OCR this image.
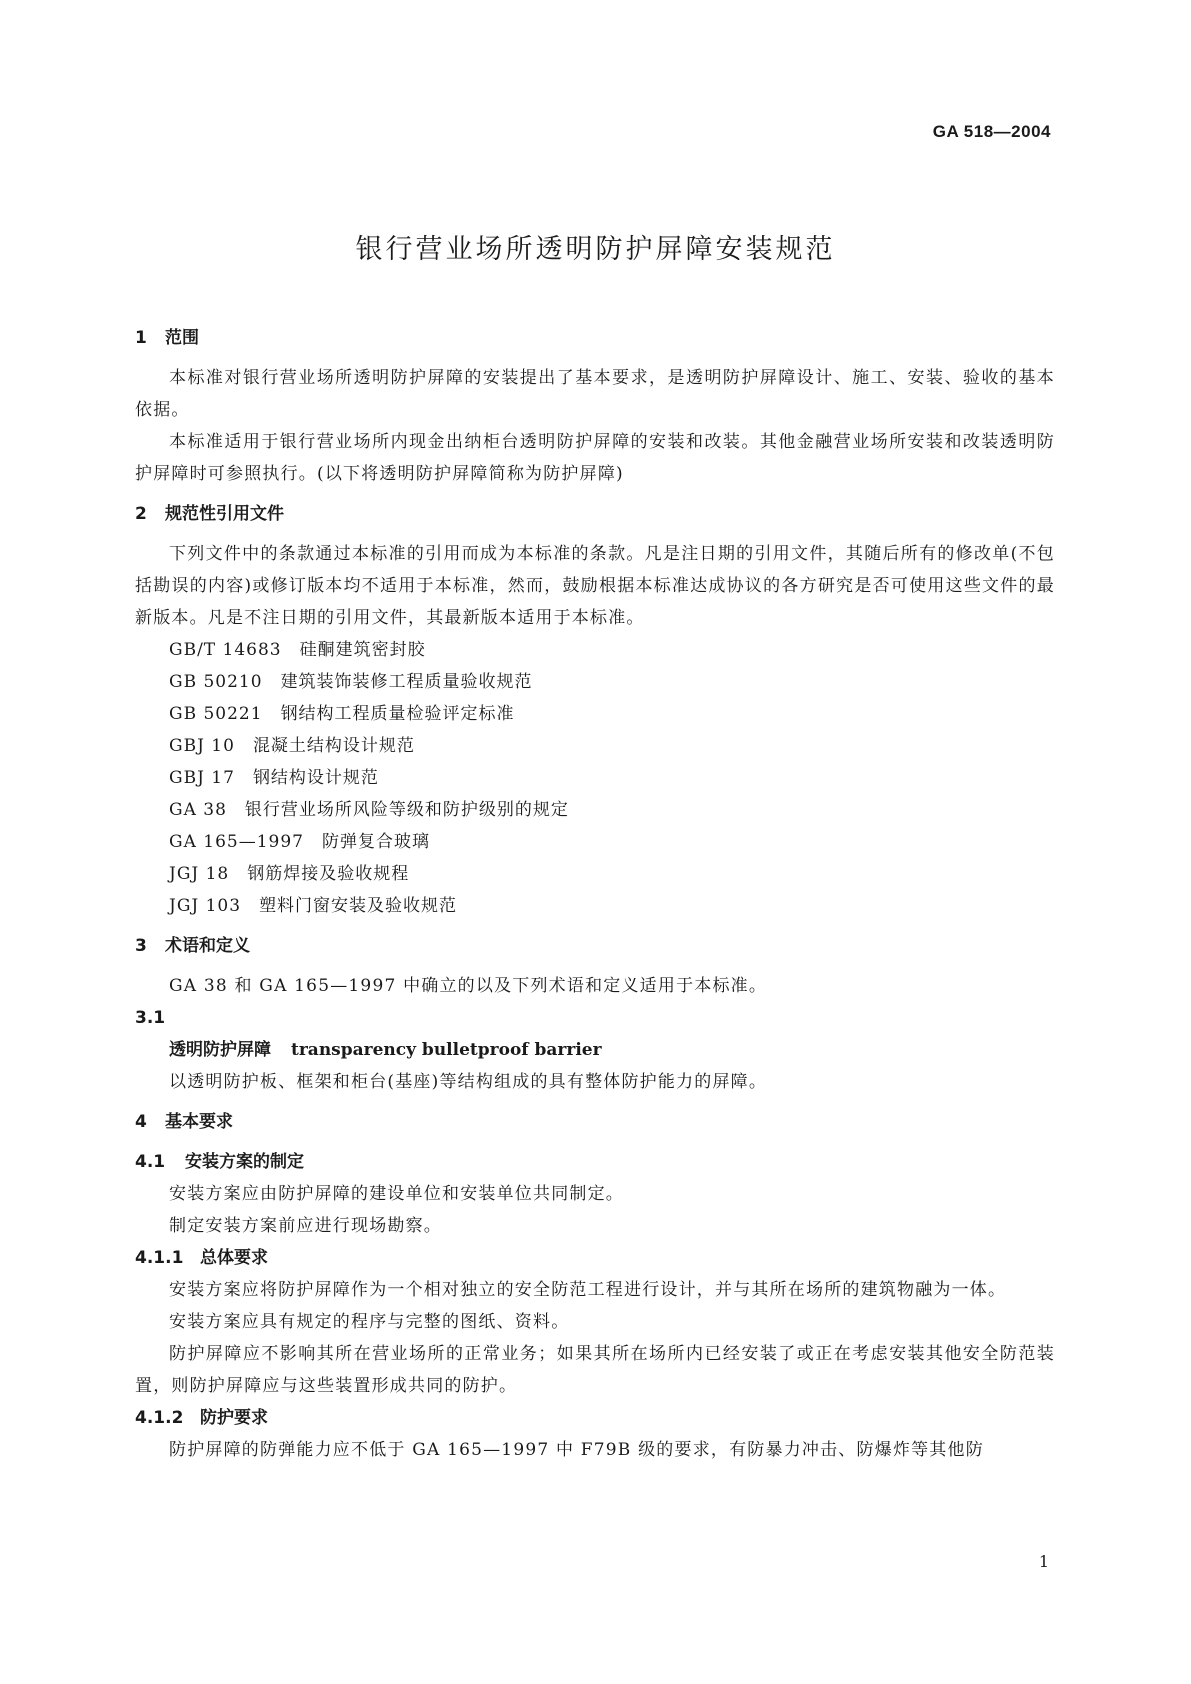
GA 518—2004
银行营业场所透明防护屏障安装规范
1 范围
本标准对银行营业场所透明防护屏障的安装提出了基本要求，是透明防护屏障设计、施工、安装、验收的基本依据。
本标准适用于银行营业场所内现金出纳柜台透明防护屏障的安装和改装。其他金融营业场所安装和改装透明防护屏障时可参照执行。(以下将透明防护屏障简称为防护屏障)
2 规范性引用文件
下列文件中的条款通过本标准的引用而成为本标准的条款。凡是注日期的引用文件，其随后所有的修改单(不包括勘误的内容)或修订版本均不适用于本标准，然而，鼓励根据本标准达成协议的各方研究是否可使用这些文件的最新版本。凡是不注日期的引用文件，其最新版本适用于本标准。
GB/T 14683 硅酮建筑密封胶
GB 50210 建筑装饰装修工程质量验收规范
GB 50221 钢结构工程质量检验评定标准
GBJ 10 混凝土结构设计规范
GBJ 17 钢结构设计规范
GA 38 银行营业场所风险等级和防护级别的规定
GA 165—1997 防弹复合玻璃
JGJ 18 钢筋焊接及验收规程
JGJ 103 塑料门窗安装及验收规范
3 术语和定义
GA 38 和 GA 165—1997 中确立的以及下列术语和定义适用于本标准。
3.1
透明防护屏障 transparency bulletproof barrier
以透明防护板、框架和柜台(基座)等结构组成的具有整体防护能力的屏障。
4 基本要求
4.1 安装方案的制定
安装方案应由防护屏障的建设单位和安装单位共同制定。
制定安装方案前应进行现场勘察。
4.1.1 总体要求
安装方案应将防护屏障作为一个相对独立的安全防范工程进行设计，并与其所在场所的建筑物融为一体。
安装方案应具有规定的程序与完整的图纸、资料。
防护屏障应不影响其所在营业场所的正常业务；如果其所在场所内已经安装了或正在考虑安装其他安全防范装置，则防护屏障应与这些装置形成共同的防护。
4.1.2 防护要求
防护屏障的防弹能力应不低于 GA 165—1997 中 F79B 级的要求，有防暴力冲击、防爆炸等其他防
1
